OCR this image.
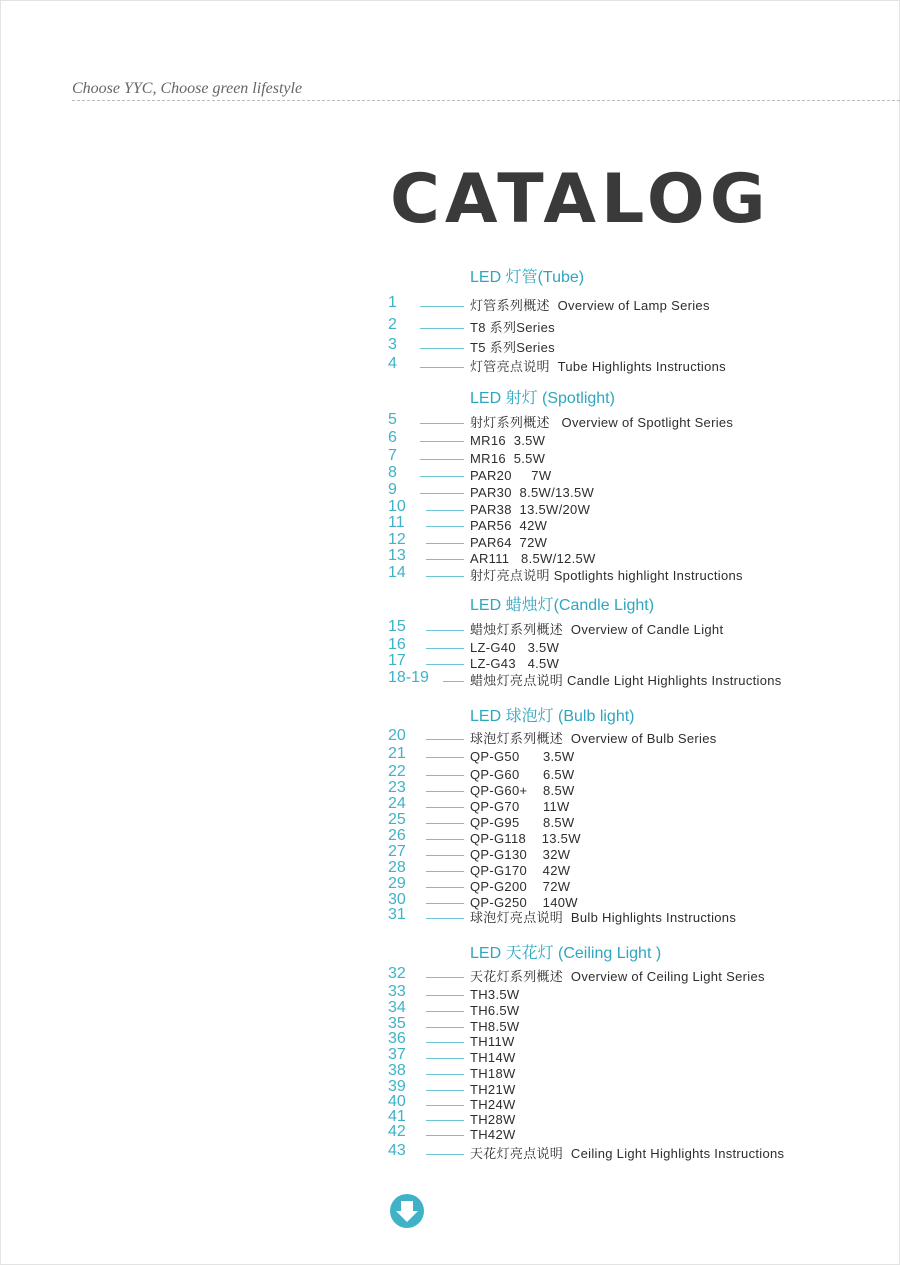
Choose YYC, Choose green lifestyle
CATALOG
LED 灯管(Tube)
1	灯管系列概述  Overview of Lamp Series
2	T8 系列Series
3	T5 系列Series
4	灯管亮点说明  Tube Highlights Instructions
LED 射灯 (Spotlight)
5	射灯系列概述   Overview of Spotlight Series
6	MR16  3.5W
7	MR16  5.5W
8	PAR20     7W
9	PAR30  8.5W/13.5W
10	PAR38  13.5W/20W
11	PAR56  42W
12	PAR64  72W
13	AR111   8.5W/12.5W
14	射灯亮点说明 Spotlights highlight Instructions
LED 蜡烛灯(Candle Light)
15	蜡烛灯系列概述  Overview of Candle Light
16	LZ-G40   3.5W
17	LZ-G43   4.5W
18-19	蜡烛灯亮点说明 Candle Light Highlights Instructions
LED 球泡灯 (Bulb light)
20	球泡灯系列概述  Overview of Bulb Series
21	QP-G50      3.5W
22	QP-G60      6.5W
23	QP-G60+    8.5W
24	QP-G70      11W
25	QP-G95      8.5W
26	QP-G118    13.5W
27	QP-G130    32W
28	QP-G170    42W
29	QP-G200    72W
30	QP-G250    140W
31	球泡灯亮点说明  Bulb Highlights Instructions
LED 天花灯 (Ceiling Light )
32	天花灯系列概述  Overview of Ceiling Light Series
33	TH3.5W
34	TH6.5W
35	TH8.5W
36	TH11W
37	TH14W
38	TH18W
39	TH21W
40	TH24W
41	TH28W
42	TH42W
43	天花灯亮点说明  Ceiling Light Highlights Instructions
